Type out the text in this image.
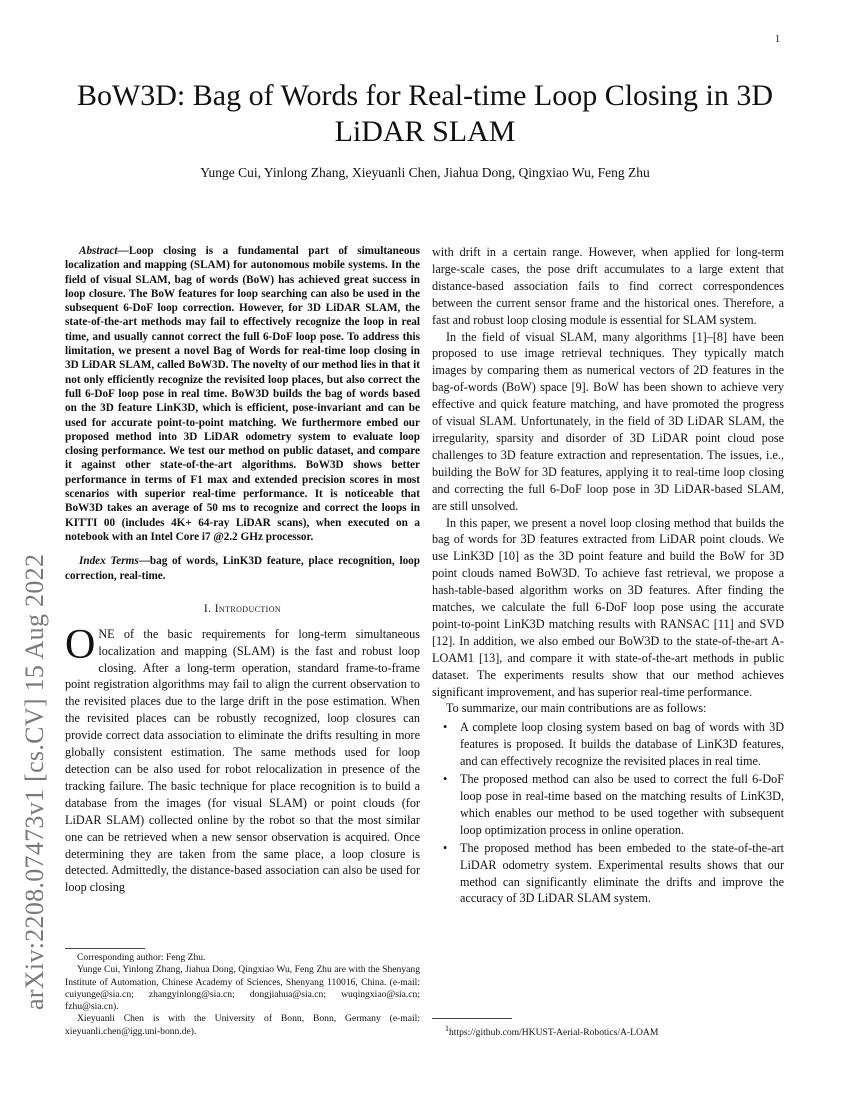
1
arXiv:2208.07473v1 [cs.CV] 15 Aug 2022
BoW3D: Bag of Words for Real-time Loop Closing in 3D LiDAR SLAM
Yunge Cui, Yinlong Zhang, Xieyuanli Chen, Jiahua Dong, Qingxiao Wu, Feng Zhu

Abstract—Loop closing is a fundamental part of simultaneous localization and mapping (SLAM) for autonomous mobile systems. In the field of visual SLAM, bag of words (BoW) has achieved great success in loop closure. The BoW features for loop searching can also be used in the subsequent 6-DoF loop correction. However, for 3D LiDAR SLAM, the state-of-the-art methods may fail to effectively recognize the loop in real time, and usually cannot correct the full 6-DoF loop pose. To address this limitation, we present a novel Bag of Words for real-time loop closing in 3D LiDAR SLAM, called BoW3D. The novelty of our method lies in that it not only efficiently recognize the revisited loop places, but also correct the full 6-DoF loop pose in real time. BoW3D builds the bag of words based on the 3D feature LinK3D, which is efficient, pose-invariant and can be used for accurate point-to-point matching. We furthermore embed our proposed method into 3D LiDAR odometry system to evaluate loop closing performance. We test our method on public dataset, and compare it against other state-of-the-art algorithms. BoW3D shows better performance in terms of F1 max and extended precision scores in most scenarios with superior real-time performance. It is noticeable that BoW3D takes an average of 50 ms to recognize and correct the loops in KITTI 00 (includes 4K+ 64-ray LiDAR scans), when executed on a notebook with an Intel Core i7 @2.2 GHz processor.

Index Terms—bag of words, LinK3D feature, place recognition, loop correction, real-time.

I. Introduction

ONE of the basic requirements for long-term simultaneous localization and mapping (SLAM) is the fast and robust loop closing. After a long-term operation, standard frame-to-frame point registration algorithms may fail to align the current observation to the revisited places due to the large drift in the pose estimation. When the revisited places can be robustly recognized, loop closures can provide correct data association to eliminate the drifts resulting in more globally consistent estimation. The same methods used for loop detection can be also used for robot relocalization in presence of the tracking failure. The basic technique for place recognition is to build a database from the images (for visual SLAM) or point clouds (for LiDAR SLAM) collected online by the robot so that the most similar one can be retrieved when a new sensor observation is acquired. Once determining they are taken from the same place, a loop closure is detected. Admittedly, the distance-based association can also be used for loop closing

Corresponding author: Feng Zhu.

Yunge Cui, Yinlong Zhang, Jiahua Dong, Qingxiao Wu, Feng Zhu are with the Shenyang Institute of Automation, Chinese Academy of Sciences, Shenyang 110016, China. (e-mail: cuiyunge@sia.cn; zhangyinlong@sia.cn; dongjiahua@sia.cn; wuqingxiao@sia.cn; fzhu@sia.cn).

Xieyuanli Chen is with the University of Bonn, Bonn, Germany (e-mail: xieyuanli.chen@igg.uni-bonn.de).

with drift in a certain range. However, when applied for long-term large-scale cases, the pose drift accumulates to a large extent that distance-based association fails to find correct correspondences between the current sensor frame and the historical ones. Therefore, a fast and robust loop closing module is essential for SLAM system.

In the field of visual SLAM, many algorithms [1]–[8] have been proposed to use image retrieval techniques. They typically match images by comparing them as numerical vectors of 2D features in the bag-of-words (BoW) space [9]. BoW has been shown to achieve very effective and quick feature matching, and have promoted the progress of visual SLAM. Unfortunately, in the field of 3D LiDAR SLAM, the irregularity, sparsity and disorder of 3D LiDAR point cloud pose challenges to 3D feature extraction and representation. The issues, i.e., building the BoW for 3D features, applying it to real-time loop closing and correcting the full 6-DoF loop pose in 3D LiDAR-based SLAM, are still unsolved.

In this paper, we present a novel loop closing method that builds the bag of words for 3D features extracted from LiDAR point clouds. We use LinK3D [10] as the 3D point feature and build the BoW for 3D point clouds named BoW3D. To achieve fast retrieval, we propose a hash-table-based algorithm works on 3D features. After finding the matches, we calculate the full 6-DoF loop pose using the accurate point-to-point LinK3D matching results with RANSAC [11] and SVD [12]. In addition, we also embed our BoW3D to the state-of-the-art A-LOAM1 [13], and compare it with state-of-the-art methods in public dataset. The experiments results show that our method achieves significant improvement, and has superior real-time performance.

To summarize, our main contributions are as follows:

• A complete loop closing system based on bag of words with 3D features is proposed. It builds the database of LinK3D features, and can effectively recognize the revisited places in real time.
• The proposed method can also be used to correct the full 6-DoF loop pose in real-time based on the matching results of LinK3D, which enables our method to be used together with subsequent loop optimization process in online operation.
• The proposed method has been embeded to the state-of-the-art LiDAR odometry system. Experimental results shows that our method can significantly eliminate the drifts and improve the accuracy of 3D LiDAR SLAM system.
$^1$https://github.com/HKUST-Aerial-Robotics/A-LOAM
